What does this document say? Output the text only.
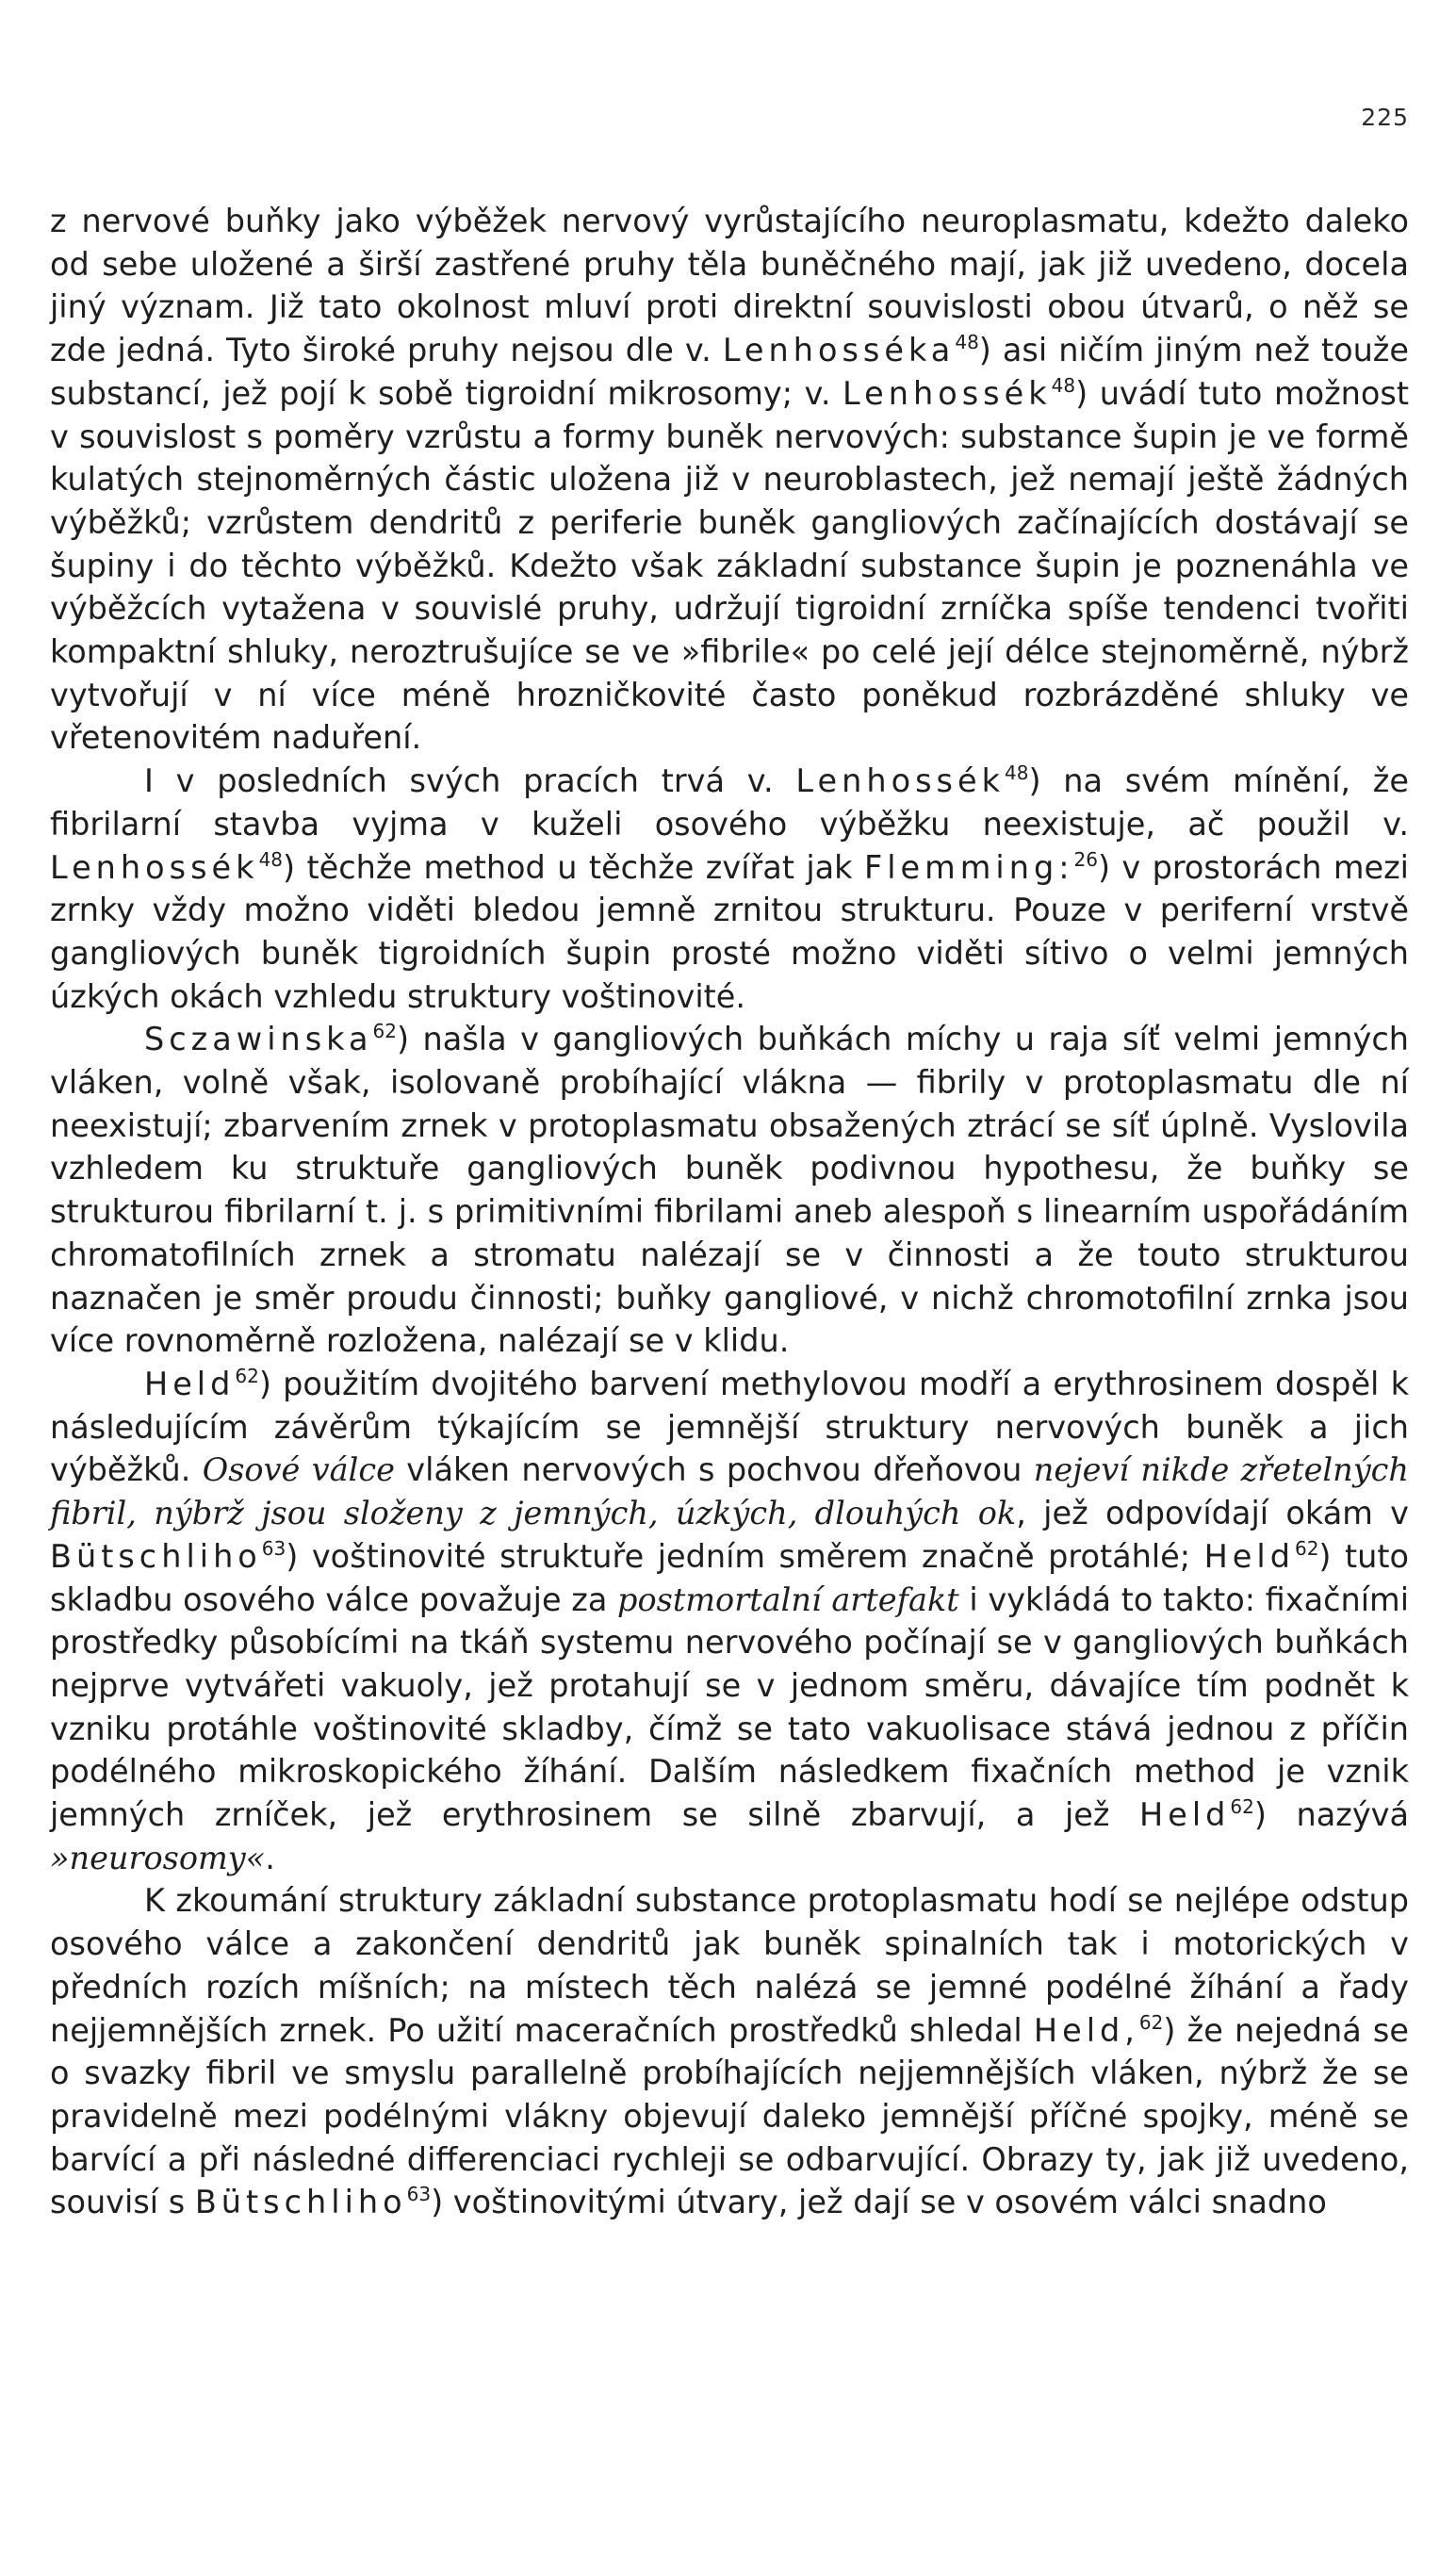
225

z nervové buňky jako výběžek nervový vyrůstajícího neuroplasmatu, kdežto daleko od sebe uložené a širší zastřené pruhy těla buněčného mají, jak již uvedeno, docela jiný význam. Již tato okolnost mluví proti direktní souvislosti obou útvarů, o něž se zde jedná. Tyto široké pruhy nejsou dle v. Lenhosséka$^{48}$) asi ničím jiným než touže substancí, jež pojí k sobě tigroidní mikrosomy; v. Lenhossék$^{48}$) uvádí tuto možnost v souvislost s poměry vzrůstu a formy buněk nervových: substance šupin je ve formě kulatých stejnoměrných částic uložena již v neuroblastech, jež nemají ještě žádných výběžků; vzrůstem dendritů z periferie buněk gangliových začínajících dostávají se šupiny i do těchto výběžků. Kdežto však základní substance šupin je poznenáhla ve výběžcích vytažena v souvislé pruhy, udržují tigroidní zrníčka spíše tendenci tvořiti kompaktní shluky, neroztrušujíce se ve »fibrile« po celé její délce stejnoměrně, nýbrž vytvořují v ní více méně hrozničkovité často poněkud rozbrázděné shluky ve vřetenovitém naduření.

I v posledních svých pracích trvá v. Lenhossék$^{48}$) na svém mínění, že fibrilarní stavba vyjma v kuželi osového výběžku neexistuje, ač použil v. Lenhossék$^{48}$) těchže method u těchže zvířat jak Flemming:$^{26}$) v prostorách mezi zrnky vždy možno viděti bledou jemně zrnitou strukturu. Pouze v periferní vrstvě gangliových buněk tigroidních šupin prosté možno viděti sítivo o velmi jemných úzkých okách vzhledu struktury voštinovité.

Sczawinska$^{62}$) našla v gangliových buňkách míchy u raja síť velmi jemných vláken, volně však, isolovaně probíhající vlákna — fibrily v protoplasmatu dle ní neexistují; zbarvením zrnek v protoplasmatu obsažených ztrácí se síť úplně. Vyslovila vzhledem ku struktuře gangliových buněk podivnou hypothesu, že buňky se strukturou fibrilarní t. j. s primitivními fibrilami aneb alespoň s linearním uspořádáním chromatofilních zrnek a stromatu nalézají se v činnosti a že touto strukturou naznačen je směr proudu činnosti; buňky gangliové, v nichž chromotofilní zrnka jsou více rovnoměrně rozložena, nalézají se v klidu.

Held$^{62}$) použitím dvojitého barvení methylovou modří a erythrosinem dospěl k následujícím závěrům týkajícím se jemnější struktury nervových buněk a jich výběžků. Osové válce vláken nervových s pochvou dřeňovou nejeví nikde zřetelných fibril, nýbrž jsou složeny z jemných, úzkých, dlouhých ok, jež odpovídají okám v Bütschliho$^{63}$) voštinovité struktuře jedním směrem značně protáhlé; Held$^{62}$) tuto skladbu osového válce považuje za postmortalní artefakt i vykládá to takto: fixačními prostředky působícími na tkáň systemu nervového počínají se v gangliových buňkách nejprve vytvářeti vakuoly, jež protahují se v jednom směru, dávajíce tím podnět k vzniku protáhle voštinovité skladby, čímž se tato vakuolisace stává jednou z příčin podélného mikroskopického žíhání. Dalším následkem fixačních method je vznik jemných zrníček, jež erythrosinem se silně zbarvují, a jež Held$^{62}$) nazývá »neurosomy«.

K zkoumání struktury základní substance protoplasmatu hodí se nejlépe odstup osového válce a zakončení dendritů jak buněk spinalních tak i motorických v předních rozích míšních; na místech těch nalézá se jemné podélné žíhání a řady nejjemnějších zrnek. Po užití maceračních prostředků shledal Held,$^{62}$) že nejedná se o svazky fibril ve smyslu parallelně probíhajících nejjemnějších vláken, nýbrž že se pravidelně mezi podélnými vlákny objevují daleko jemnější příčné spojky, méně se barvící a při následné differenciaci rychleji se odbarvující. Obrazy ty, jak již uvedeno, souvisí s Bütschliho$^{63}$) voštinovitými útvary, jež dají se v osovém válci snadno
